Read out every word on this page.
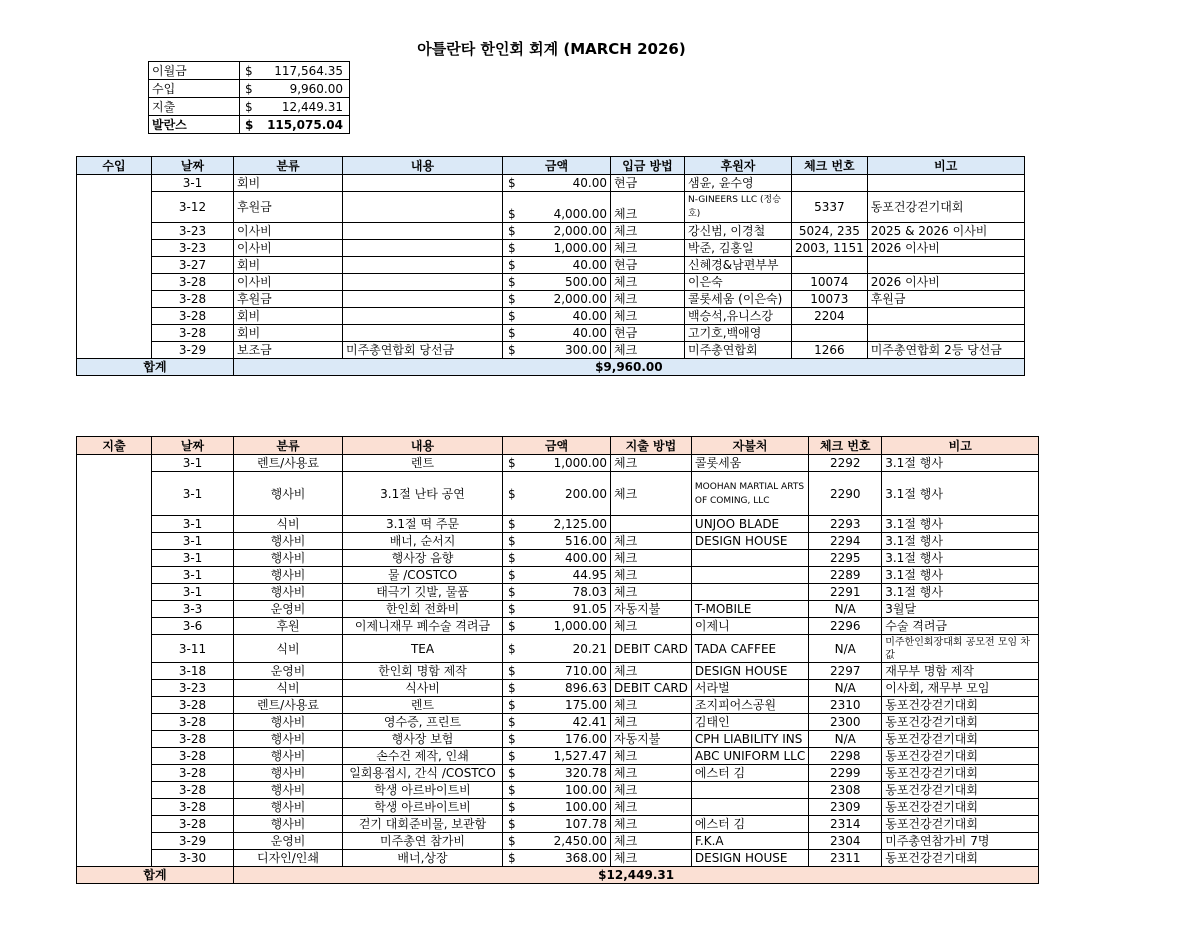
아틀란타 한인회 회계 (MARCH 2026)
이월금	$	117,564.35
수입	$	9,960.00
지출	$	12,449.31
발란스	$	115,075.04
수입	날짜	분류	내용	금액		입금 방법	후원자	체크 번호	비고
	3-1	회비		$	40.00	현금	샘윤, 윤수영		
	3-12	후원금		$	4,000.00	체크	N-GINEERS LLC (정승호)	5337	동포건강걷기대회
	3-23	이사비		$	2,000.00	체크	강신범, 이경철	5024, 235	2025 & 2026 이사비
	3-23	이사비		$	1,000.00	체크	박준, 김홍일	2003, 1151	2026 이사비
	3-27	회비		$	40.00	현금	신혜경&남편부부		
	3-28	이사비		$	500.00	체크	이은숙	10074	2026 이사비
	3-28	후원금		$	2,000.00	체크	콜롯세움 (이은숙)	10073	후원금
	3-28	회비		$	40.00	체크	백승석,유니스강	2204	
	3-28	회비		$	40.00	현금	고기호,백애영		
	3-29	보조금	미주총연합회 당선금	$	300.00	체크	미주총연합회	1266	미주총연합회 2등 당선금
합계		$9,960.00							
지출	날짜	분류	내용	금액		지출 방법	자불처	체크 번호	비고
	3-1	렌트/사용료	렌트	$	1,000.00	체크	콜롯세움	2292	3.1절 행사
	3-1	행사비	3.1절 난타 공연	$	200.00	체크	MOOHAN MARTIAL ARTS OF COMING, LLC	2290	3.1절 행사
	3-1	식비	3.1절 떡 주문	$	2,125.00		UNJOO BLADE	2293	3.1절 행사
	3-1	행사비	배너, 순서지	$	516.00	체크	DESIGN HOUSE	2294	3.1절 행사
	3-1	행사비	행사장 음향	$	400.00	체크		2295	3.1절 행사
	3-1	행사비	물 /COSTCO	$	44.95	체크		2289	3.1절 행사
	3-1	행사비	태극기 깃발, 물품	$	78.03	체크		2291	3.1절 행사
	3-3	운영비	한인회 전화비	$	91.05	자동지불	T-MOBILE	N/A	3월달
	3-6	후원	이제니재무 폐수술 격려금	$	1,000.00	체크	이제니	2296	수술 격려금
	3-11	식비	TEA	$	20.21	DEBIT CARD	TADA CAFFEE	N/A	미주한인회장대회 공모전 모임 차값
	3-18	운영비	한인회 명함 제작	$	710.00	체크	DESIGN HOUSE	2297	재무부 명함 제작
	3-23	식비	식사비	$	896.63	DEBIT CARD	서라벌	N/A	이사회, 재무부 모임
	3-28	렌트/사용료	렌트	$	175.00	체크	조지피어스공원	2310	동포건강걷기대회
	3-28	행사비	영수증, 프린트	$	42.41	체크	김태인	2300	동포건강걷기대회
	3-28	행사비	행사장 보험	$	176.00	자동지불	CPH LIABILITY INS	N/A	동포건강걷기대회
	3-28	행사비	손수건 제작, 인쇄	$	1,527.47	체크	ABC UNIFORM LLC	2298	동포건강걷기대회
	3-28	행사비	일회용접시, 간식 /COSTCO	$	320.78	체크	에스터 김	2299	동포건강걷기대회
	3-28	행사비	학생 아르바이트비	$	100.00	체크		2308	동포건강걷기대회
	3-28	행사비	학생 아르바이트비	$	100.00	체크		2309	동포건강걷기대회
	3-28	행사비	걷기 대회준비물, 보관함	$	107.78	체크	에스터 김	2314	동포건강걷기대회
	3-29	운영비	미주총연 참가비	$	2,450.00	체크	F.K.A	2304	미주총연참가비 7명
	3-30	디자인/인쇄	배너,상장	$	368.00	체크	DESIGN HOUSE	2311	동포건강걷기대회
합계		$12,449.31							
